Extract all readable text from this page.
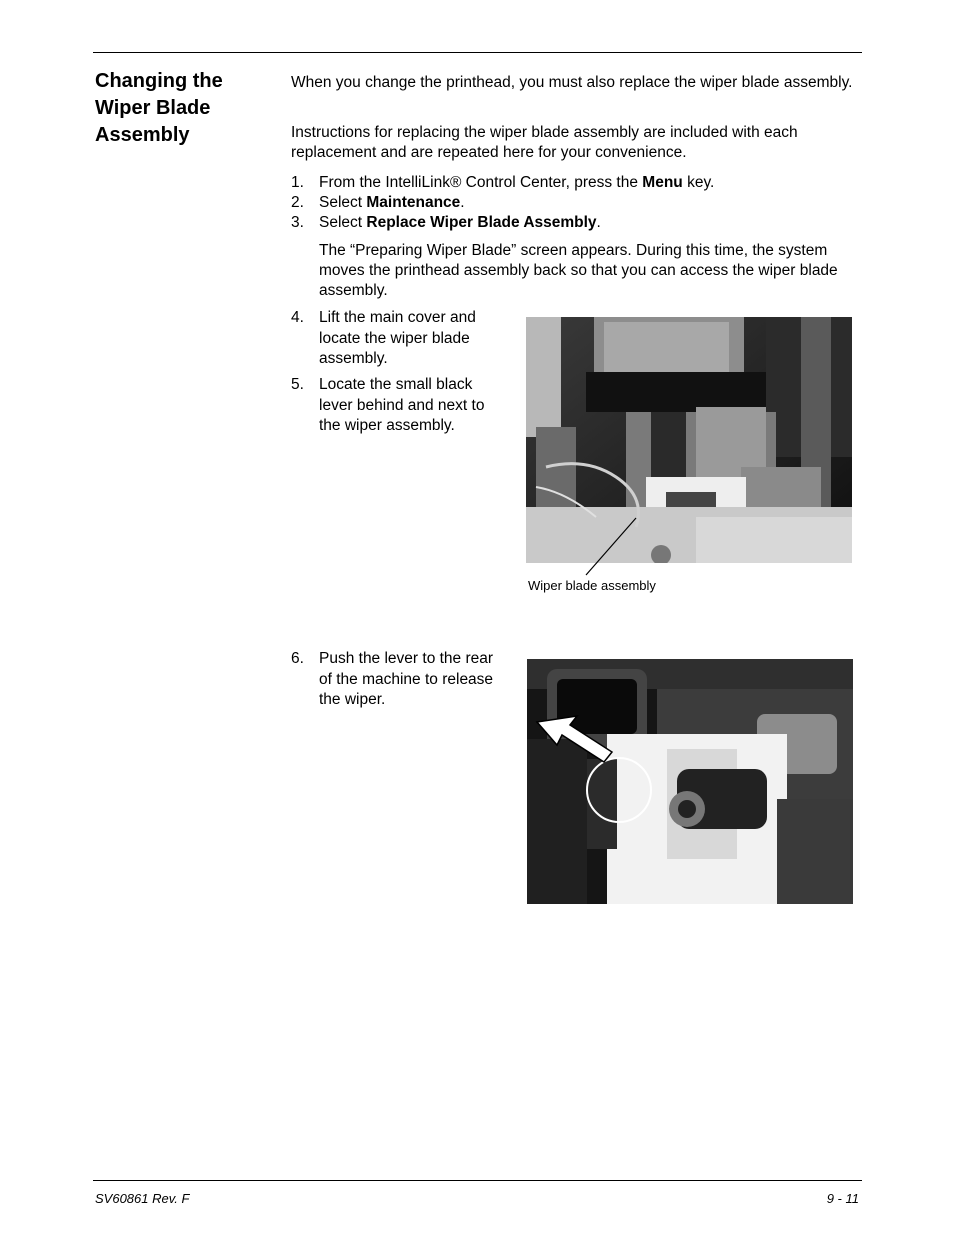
Changing the Wiper Blade Assembly
When you change the printhead, you must also replace the wiper blade assembly.
Instructions for replacing the wiper blade assembly are included with each replacement and are repeated here for your convenience.
1. From the IntelliLink® Control Center, press the Menu key.
2. Select Maintenance.
3. Select Replace Wiper Blade Assembly.
The “Preparing Wiper Blade” screen appears. During this time, the system moves the printhead assembly back so that you can access the wiper blade assembly.
4. Lift the main cover and locate the wiper blade assembly.
5. Locate the small black lever behind and next to the wiper assembly.
Wiper blade assembly
6. Push the lever to the rear of the machine to release the wiper.
SV60861 Rev. F	9 - 11
